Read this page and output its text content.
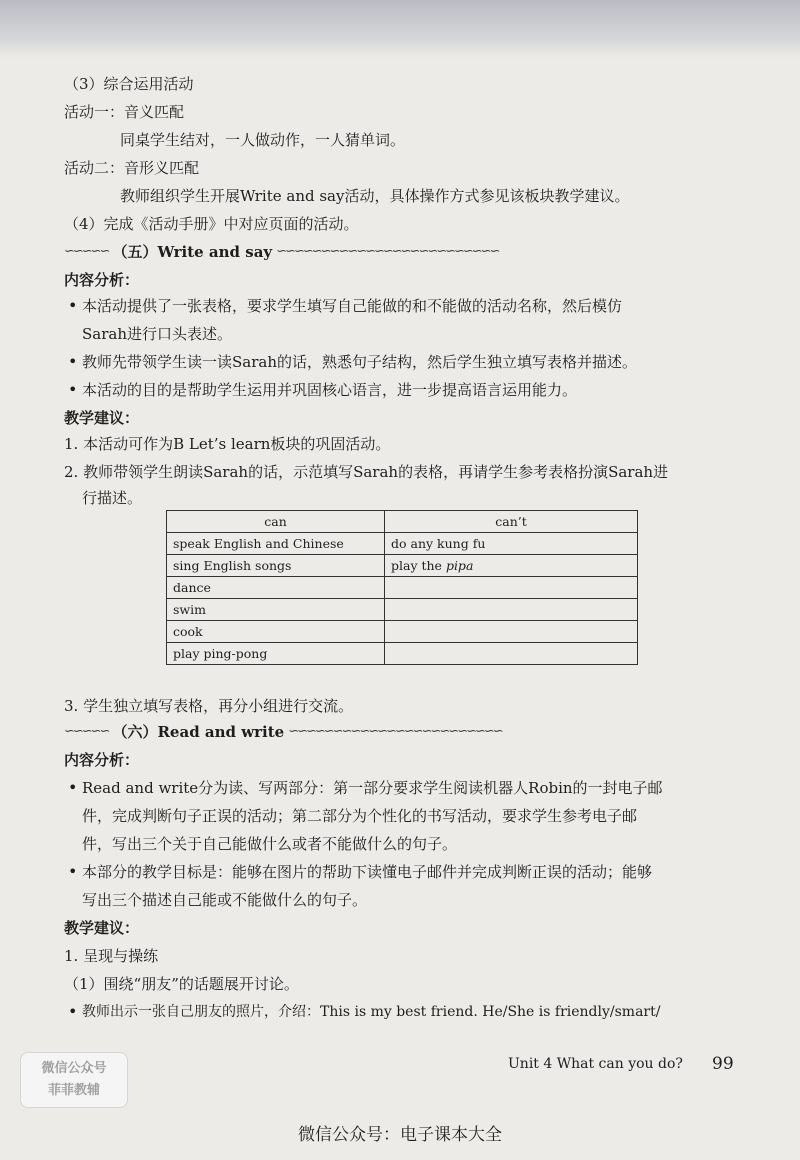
（3）综合运用活动
活动一：音义匹配
同桌学生结对，一人做动作，一人猜单词。
活动二：音形义匹配
教师组织学生开展Write and say活动，具体操作方式参见该板块教学建议。
（4）完成《活动手册》中对应页面的活动。
∽∽∽∽∽ （五）Write and say ∽∽∽∽∽∽∽∽∽∽∽∽∽∽∽∽∽∽∽∽∽∽∽∽∽
内容分析：
• 本活动提供了一张表格，要求学生填写自己能做的和不能做的活动名称，然后模仿
Sarah进行口头表述。
• 教师先带领学生读一读Sarah的话，熟悉句子结构，然后学生独立填写表格并描述。
• 本活动的目的是帮助学生运用并巩固核心语言，进一步提高语言运用能力。
教学建议：
1. 本活动可作为B Let’s learn板块的巩固活动。
2. 教师带领学生朗读Sarah的话，示范填写Sarah的表格，再请学生参考表格扮演Sarah进
行描述。
can	can’t
speak English and Chinese	do any kung fu
sing English songs	play the pipa
dance	
swim	
cook	
play ping-pong	
3. 学生独立填写表格，再分小组进行交流。
∽∽∽∽∽ （六）Read and write ∽∽∽∽∽∽∽∽∽∽∽∽∽∽∽∽∽∽∽∽∽∽∽∽
内容分析：
• Read and write分为读、写两部分：第一部分要求学生阅读机器人Robin的一封电子邮
件，完成判断句子正误的活动；第二部分为个性化的书写活动，要求学生参考电子邮
件，写出三个关于自己能做什么或者不能做什么的句子。
• 本部分的教学目标是：能够在图片的帮助下读懂电子邮件并完成判断正误的活动；能够
写出三个描述自己能或不能做什么的句子。
教学建议：
1. 呈现与操练
（1）围绕“朋友”的话题展开讨论。
• 教师出示一张自己朋友的照片，介绍：This is my best friend. He/She is friendly/smart/
微信公众号
菲菲教辅
Unit 4 What can you do? 99
微信公众号：电子课本大全
